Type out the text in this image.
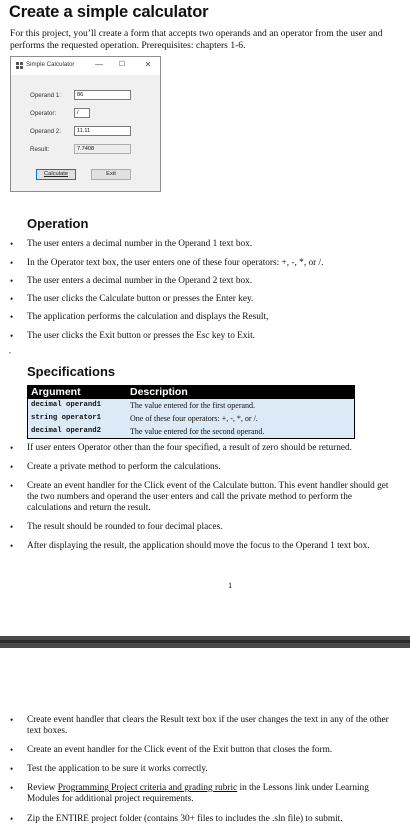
Create a simple calculator

For this project, you’ll create a form that accepts two operands and an operator from the user and performs the requested operation. Prerequisites: chapters 1-6.

Simple Calculator	—	☐	✕
Operand 1:	86
Operator:	/
Operand 2:	11.11
Result:	7.7408
Calculate	Exit
Operation
• The user enters a decimal number in the Operand 1 text box.
• In the Operator text box, the user enters one of these four operators: +, -, *, or /.
• The user enters a decimal number in the Operand 2 text box.
• The user clicks the Calculate button or presses the Enter key.
• The application performs the calculation and displays the Result,
• The user clicks the Exit button or presses the Esc key to Exit.
•
Specifications
Argument	Description
decimal operand1	The value entered for the first operand.
string operator1	One of these four operators: +, -, *, or /.
decimal operand2	The value entered for the second operand.
• If user enters Operator other than the four specified, a result of zero should be returned.
• Create a private method to perform the calculations.
• Create an event handler for the Click event of the Calculate button. This event handler should get the two numbers and operand the user enters and call the private method to perform the calculations and return the result.
• The result should be rounded to four decimal places.
• After displaying the result, the application should move the focus to the Operand 1 text box.
1
• Create event handler that clears the Result text box if the user changes the text in any of the other text boxes.
• Create an event handler for the Click event of the Exit button that closes the form.
• Test the application to be sure it works correctly.
• Review Programming Project criteria and grading rubric in the Lessons link under Learning Modules for additional project requirements.
• Zip the ENTIRE project folder (contains 30+ files to includes the .sln file) to submit.
